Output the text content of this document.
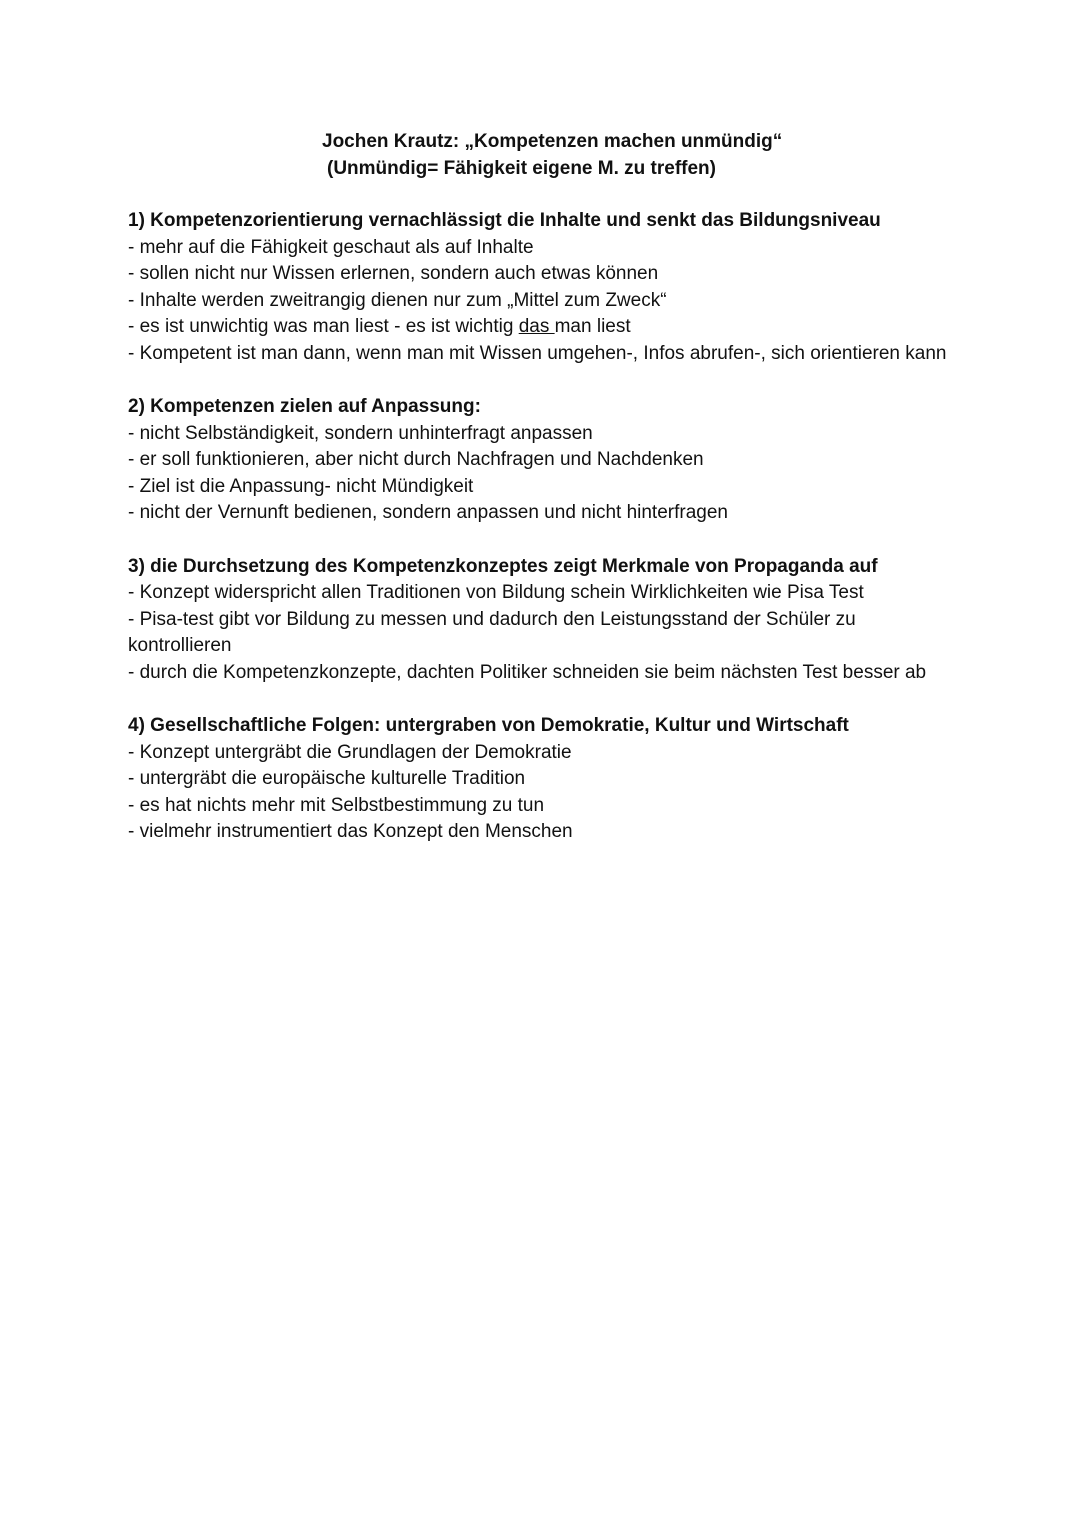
Jochen Krautz: „Kompetenzen machen unmündig“
(Unmündig= Fähigkeit eigene M. zu treffen)

1) Kompetenzorientierung vernachlässigt die Inhalte und senkt das Bildungsniveau

- mehr auf die Fähigkeit geschaut als auf Inhalte

- sollen nicht nur Wissen erlernen, sondern auch etwas können

- Inhalte werden zweitrangig dienen nur zum „Mittel zum Zweck“

- es ist unwichtig was man liest - es ist wichtig das man liest

- Kompetent ist man dann, wenn man mit Wissen umgehen-, Infos abrufen-, sich orientieren kann

2) Kompetenzen zielen auf Anpassung:

- nicht Selbständigkeit, sondern unhinterfragt anpassen

- er soll funktionieren, aber nicht durch Nachfragen und Nachdenken

- Ziel ist die Anpassung- nicht Mündigkeit

- nicht der Vernunft bedienen, sondern anpassen und nicht hinterfragen

3) die Durchsetzung des Kompetenzkonzeptes zeigt Merkmale von Propaganda auf

- Konzept widerspricht allen Traditionen von Bildung schein Wirklichkeiten wie Pisa Test

- Pisa-test gibt vor Bildung zu messen und dadurch den Leistungsstand der Schüler zu kontrollieren

- durch die Kompetenzkonzepte, dachten Politiker schneiden sie beim nächsten Test besser ab

4) Gesellschaftliche Folgen: untergraben von Demokratie, Kultur und Wirtschaft

- Konzept untergräbt die Grundlagen der Demokratie

- untergräbt die europäische kulturelle Tradition

- es hat nichts mehr mit Selbstbestimmung zu tun

- vielmehr instrumentiert das Konzept den Menschen
